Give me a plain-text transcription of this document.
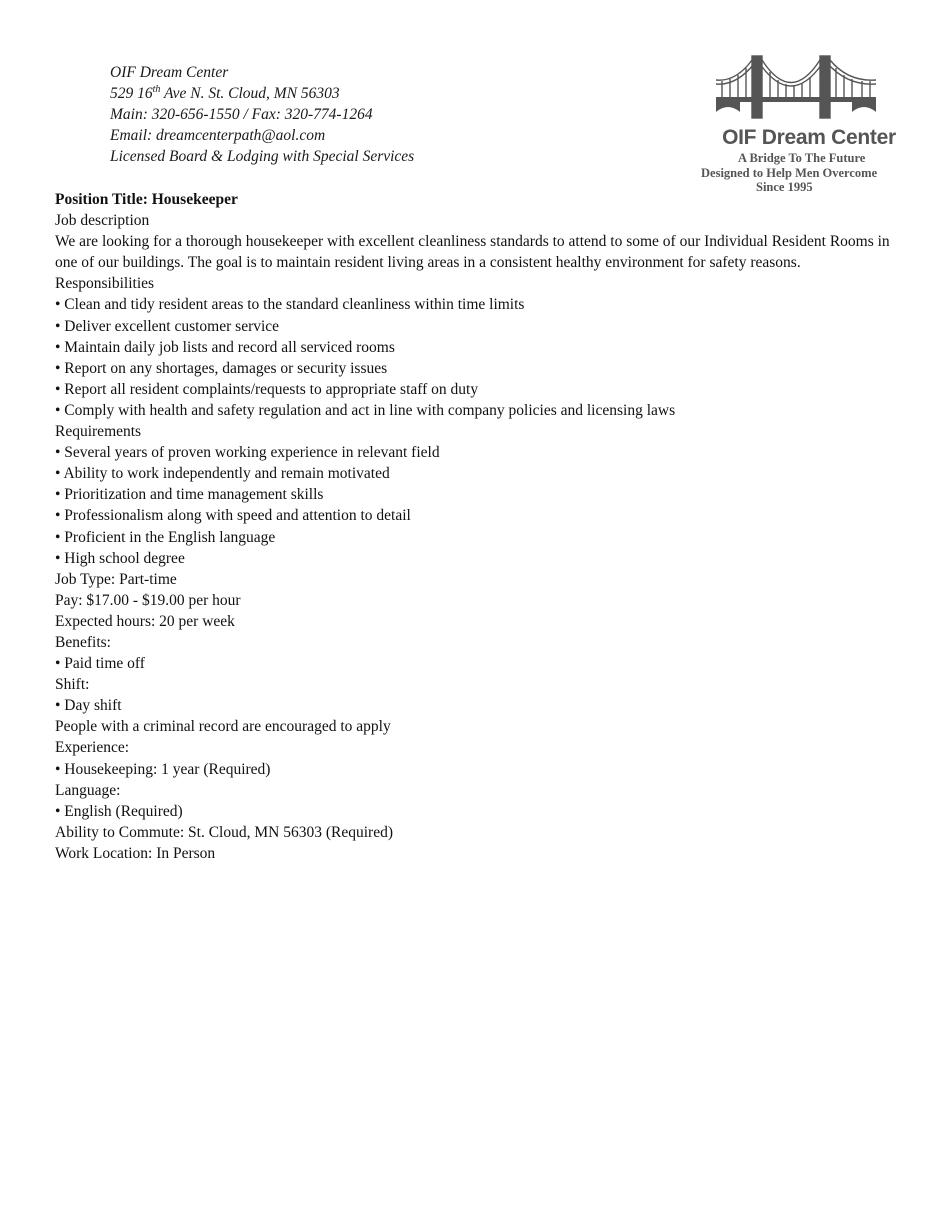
OIF Dream Center
529 16th Ave N. St. Cloud, MN 56303
Main: 320-656-1550 / Fax: 320-774-1264
Email: dreamcenterpath@aol.com
Licensed Board & Lodging with Special Services
OIF Dream Center
A Bridge To The Future
Designed to Help Men Overcome
Since 1995
Position Title: Housekeeper
Job description
We are looking for a thorough housekeeper with excellent cleanliness standards to attend to some of our Individual Resident Rooms in one of our buildings. The goal is to maintain resident living areas in a consistent healthy environment for safety reasons.
Responsibilities
• Clean and tidy resident areas to the standard cleanliness within time limits
• Deliver excellent customer service
• Maintain daily job lists and record all serviced rooms
• Report on any shortages, damages or security issues
• Report all resident complaints/requests to appropriate staff on duty
• Comply with health and safety regulation and act in line with company policies and licensing laws
Requirements
• Several years of proven working experience in relevant field
• Ability to work independently and remain motivated
• Prioritization and time management skills
• Professionalism along with speed and attention to detail
• Proficient in the English language
• High school degree
Job Type: Part-time
Pay: $17.00 - $19.00 per hour
Expected hours: 20 per week
Benefits:
• Paid time off
Shift:
• Day shift
People with a criminal record are encouraged to apply
Experience:
• Housekeeping: 1 year (Required)
Language:
• English (Required)
Ability to Commute: St. Cloud, MN 56303 (Required)
Work Location: In Person
